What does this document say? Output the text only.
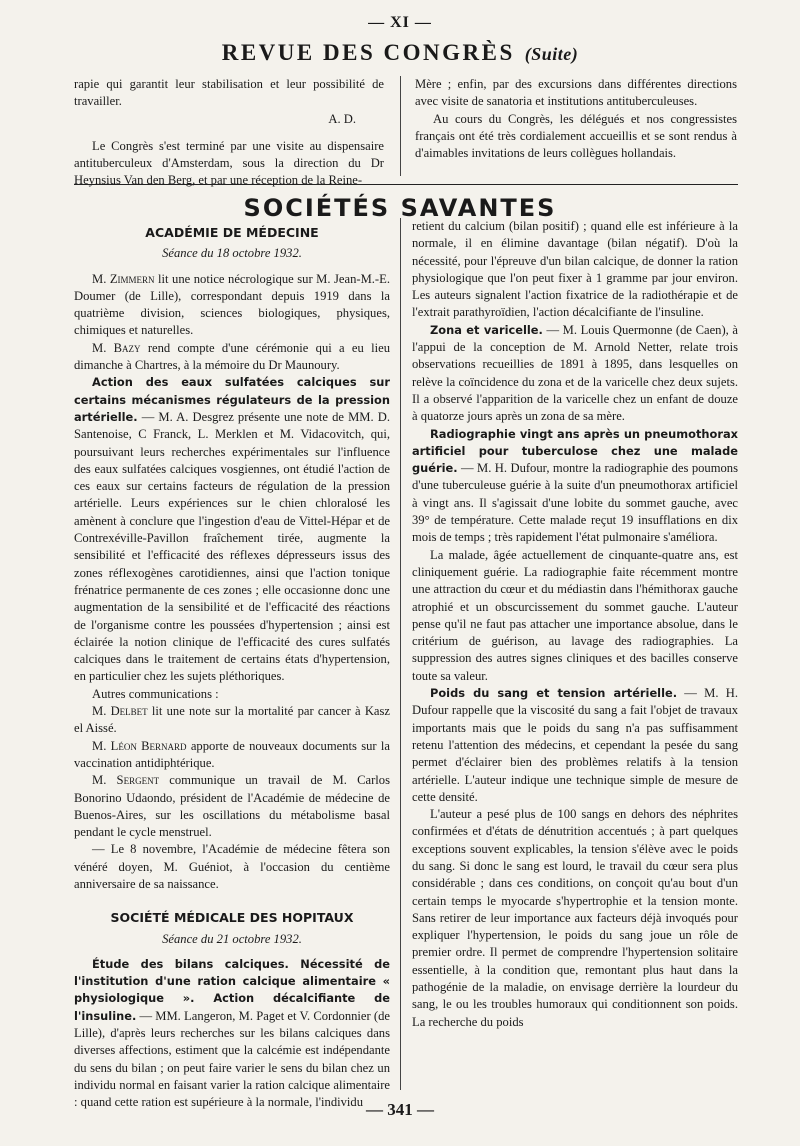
— XI —
REVUE DES CONGRÈS (Suite)

rapie qui garantit leur stabilisation et leur possibilité de travailler.

A. D.

Le Congrès s'est terminé par une visite au dispensaire antituberculeux d'Amsterdam, sous la direction du Dr Heynsius Van den Berg, et par une réception de la Reine-

Mère ; enfin, par des excursions dans différentes directions avec visite de sanatoria et institutions antituberculeuses.

Au cours du Congrès, les délégués et nos congressistes français ont été très cordialement accueillis et se sont rendus à d'aimables invitations de leurs collègues hollandais.

SOCIÉTÉS SAVANTES

ACADÉMIE DE MÉDECINE

Séance du 18 octobre 1932.

M. Zimmern lit une notice nécrologique sur M. Jean-M.-E. Doumer (de Lille), correspondant depuis 1919 dans la quatrième division, sciences biologiques, physiques, chimiques et naturelles.

M. Bazy rend compte d'une cérémonie qui a eu lieu dimanche à Chartres, à la mémoire du Dr Maunoury.

Action des eaux sulfatées calciques sur certains mécanismes régulateurs de la pression artérielle. — M. A. Desgrez présente une note de MM. D. Santenoise, C Franck, L. Merklen et M. Vidacovitch, qui, poursuivant leurs recherches expérimentales sur l'influence des eaux sulfatées calciques vosgiennes, ont étudié l'action de ces eaux sur certains facteurs de régulation de la pression artérielle. Leurs expériences sur le chien chloralosé les amènent à conclure que l'ingestion d'eau de Vittel-Hépar et de Contrexéville-Pavillon fraîchement tirée, augmente la sensibilité et l'efficacité des réflexes dépresseurs issus des zones réflexogènes carotidiennes, ainsi que l'action tonique frénatrice permanente de ces zones ; elle occasionne donc une augmentation de la sensibilité et de l'efficacité des réactions de l'organisme contre les poussées d'hypertension ; ainsi est éclairée la notion clinique de l'efficacité des cures sulfatés calciques dans le traitement de certains états d'hypertension, en particulier chez les sujets pléthoriques.

Autres communications :

M. Delbet lit une note sur la mortalité par cancer à Kasz el Aissé.

M. Léon Bernard apporte de nouveaux documents sur la vaccination antidiphtérique.

M. Sergent communique un travail de M. Carlos Bonorino Udaondo, président de l'Académie de médecine de Buenos-Aires, sur les oscillations du métabolisme basal pendant le cycle menstruel.

— Le 8 novembre, l'Académie de médecine fêtera son vénéré doyen, M. Guéniot, à l'occasion du centième anniversaire de sa naissance.

SOCIÉTÉ MÉDICALE DES HOPITAUX

Séance du 21 octobre 1932.

Étude des bilans calciques. Nécessité de l'institution d'une ration calcique alimentaire « physiologique ». Action décalcifiante de l'insuline. — MM. Langeron, M. Paget et V. Cordonnier (de Lille), d'après leurs recherches sur les bilans calciques dans diverses affections, estiment que la calcémie est indépendante du sens du bilan ; on peut faire varier le sens du bilan chez un individu normal en faisant varier la ration calcique alimentaire : quand cette ration est supérieure à la normale, l'individu

retient du calcium (bilan positif) ; quand elle est inférieure à la normale, il en élimine davantage (bilan négatif). D'où la nécessité, pour l'épreuve d'un bilan calcique, de donner la ration physiologique que l'on peut fixer à 1 gramme par jour environ. Les auteurs signalent l'action fixatrice de la radiothérapie et de l'extrait parathyroïdien, l'action décalcifiante de l'insuline.

Zona et varicelle. — M. Louis Quermonne (de Caen), à l'appui de la conception de M. Arnold Netter, relate trois observations recueillies de 1891 à 1895, dans lesquelles on relève la coïncidence du zona et de la varicelle chez deux sujets. Il a observé l'apparition de la varicelle chez un enfant de douze à quatorze jours après un zona de sa mère.

Radiographie vingt ans après un pneumothorax artificiel pour tuberculose chez une malade guérie. — M. H. Dufour, montre la radiographie des poumons d'une tuberculeuse guérie à la suite d'un pneumothorax artificiel à vingt ans. Il s'agissait d'une lobite du sommet gauche, avec 39° de température. Cette malade reçut 19 insufflations en dix mois de temps ; très rapidement l'état pulmonaire s'améliora.

La malade, âgée actuellement de cinquante-quatre ans, est cliniquement guérie. La radiographie faite récemment montre une attraction du cœur et du médiastin dans l'hémithorax gauche atrophié et un obscurcissement du sommet gauche. L'auteur pense qu'il ne faut pas attacher une importance absolue, dans le critérium de guérison, au lavage des radiographies. La suppression des autres signes cliniques et des bacilles conserve toute sa valeur.

Poids du sang et tension artérielle. — M. H. Dufour rappelle que la viscosité du sang a fait l'objet de travaux importants mais que le poids du sang n'a pas suffisamment retenu l'attention des médecins, et cependant la pesée du sang permet d'éclairer bien des problèmes relatifs à la tension artérielle. L'auteur indique une technique simple de mesure de cette densité.

L'auteur a pesé plus de 100 sangs en dehors des néphrites confirmées et d'états de dénutrition accentués ; à part quelques exceptions souvent explicables, la tension s'élève avec le poids du sang. Si donc le sang est lourd, le travail du cœur sera plus considérable ; dans ces conditions, on conçoit qu'au bout d'un certain temps le myocarde s'hypertrophie et la tension monte. Sans retirer de leur importance aux facteurs déjà invoqués pour expliquer l'hypertension, le poids du sang joue un rôle de premier ordre. Il permet de comprendre l'hypertension solitaire essentielle, à la condition que, remontant plus haut dans la pathogénie de la maladie, on envisage derrière la lourdeur du sang, le ou les troubles humoraux qui conditionnent son poids. La recherche du poids

— 341 —
